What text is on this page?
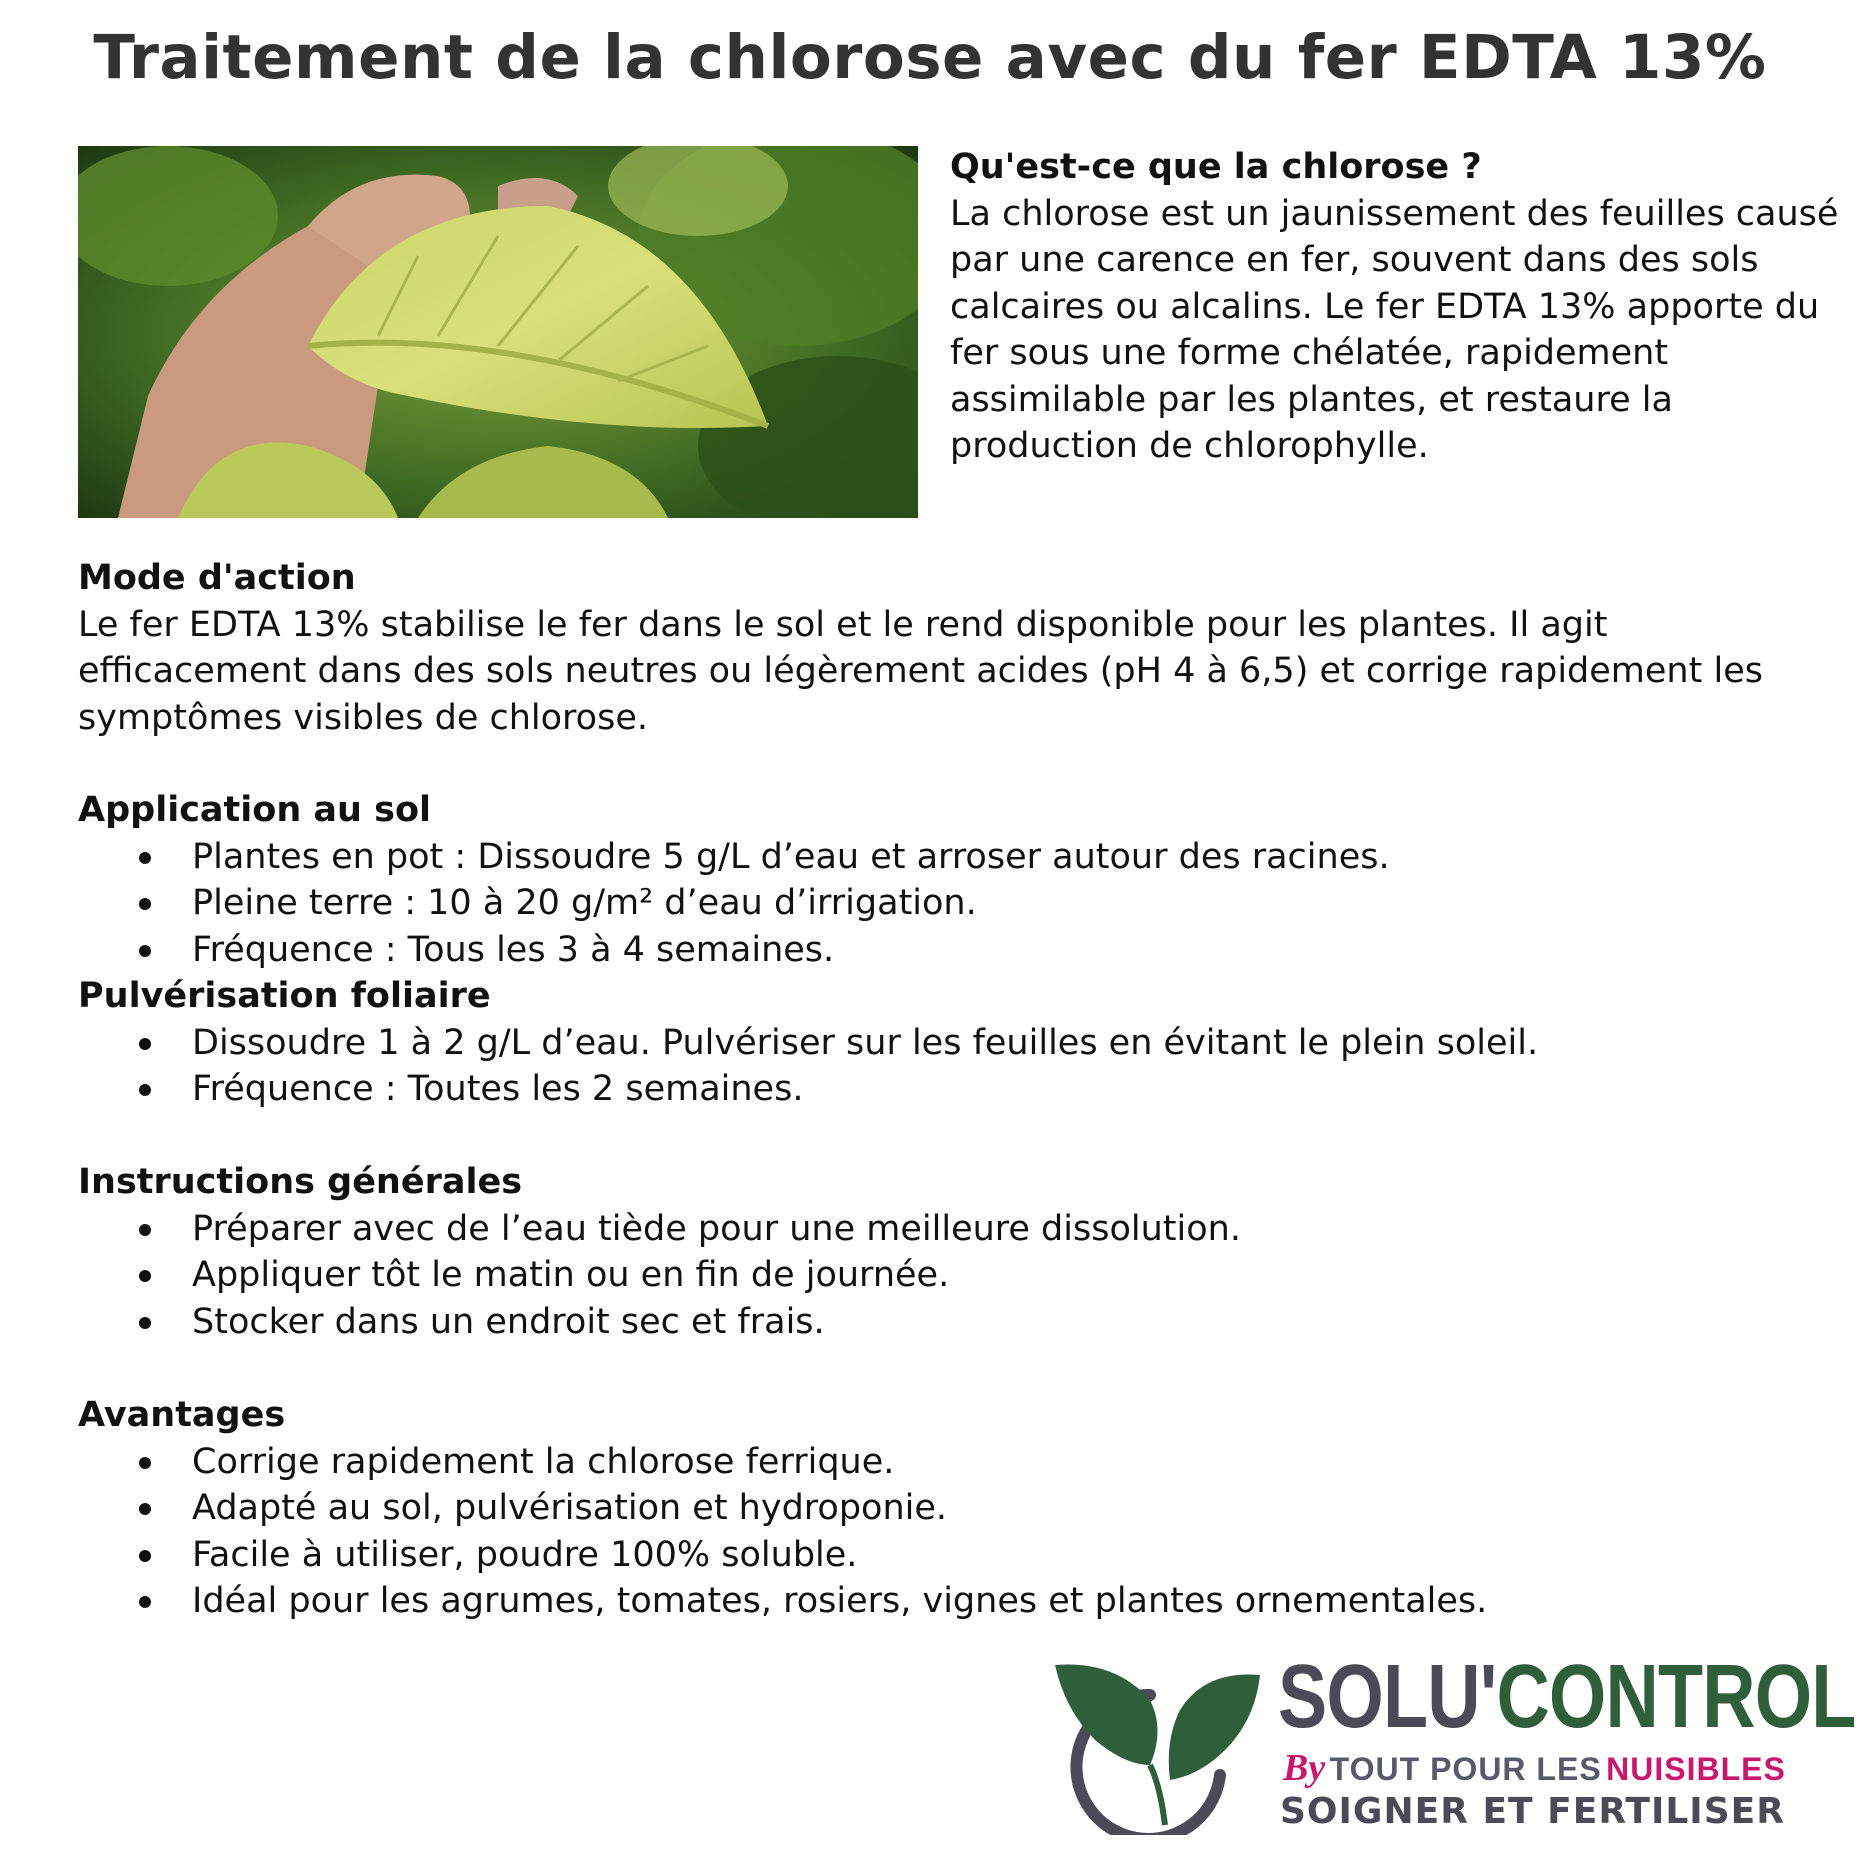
Traitement de la chlorose avec du fer EDTA 13%
Qu'est-ce que la chlorose ?
La chlorose est un jaunissement des feuilles causé par une carence en fer, souvent dans des sols calcaires ou alcalins. Le fer EDTA 13% apporte du fer sous une forme chélatée, rapidement assimilable par les plantes, et restaure la production de chlorophylle.
Mode d'action

Le fer EDTA 13% stabilise le fer dans le sol et le rend disponible pour les plantes. Il agit efficacement dans des sols neutres ou légèrement acides (pH 4 à 6,5) et corrige rapidement les symptômes visibles de chlorose.

Application au sol
Plantes en pot : Dissoudre 5 g/L d’eau et arroser autour des racines.
Pleine terre : 10 à 20 g/m² d’eau d’irrigation.
Fréquence : Tous les 3 à 4 semaines.
Pulvérisation foliaire
Dissoudre 1 à 2 g/L d’eau. Pulvériser sur les feuilles en évitant le plein soleil.
Fréquence : Toutes les 2 semaines.
Instructions générales
Préparer avec de l’eau tiède pour une meilleure dissolution.
Appliquer tôt le matin ou en fin de journée.
Stocker dans un endroit sec et frais.
Avantages
Corrige rapidement la chlorose ferrique.
Adapté au sol, pulvérisation et hydroponie.
Facile à utiliser, poudre 100% soluble.
Idéal pour les agrumes, tomates, rosiers, vignes et plantes ornementales.
SOLU'CONTROL
By TOUT POUR LES NUISIBLES
SOIGNER ET FERTILISER
